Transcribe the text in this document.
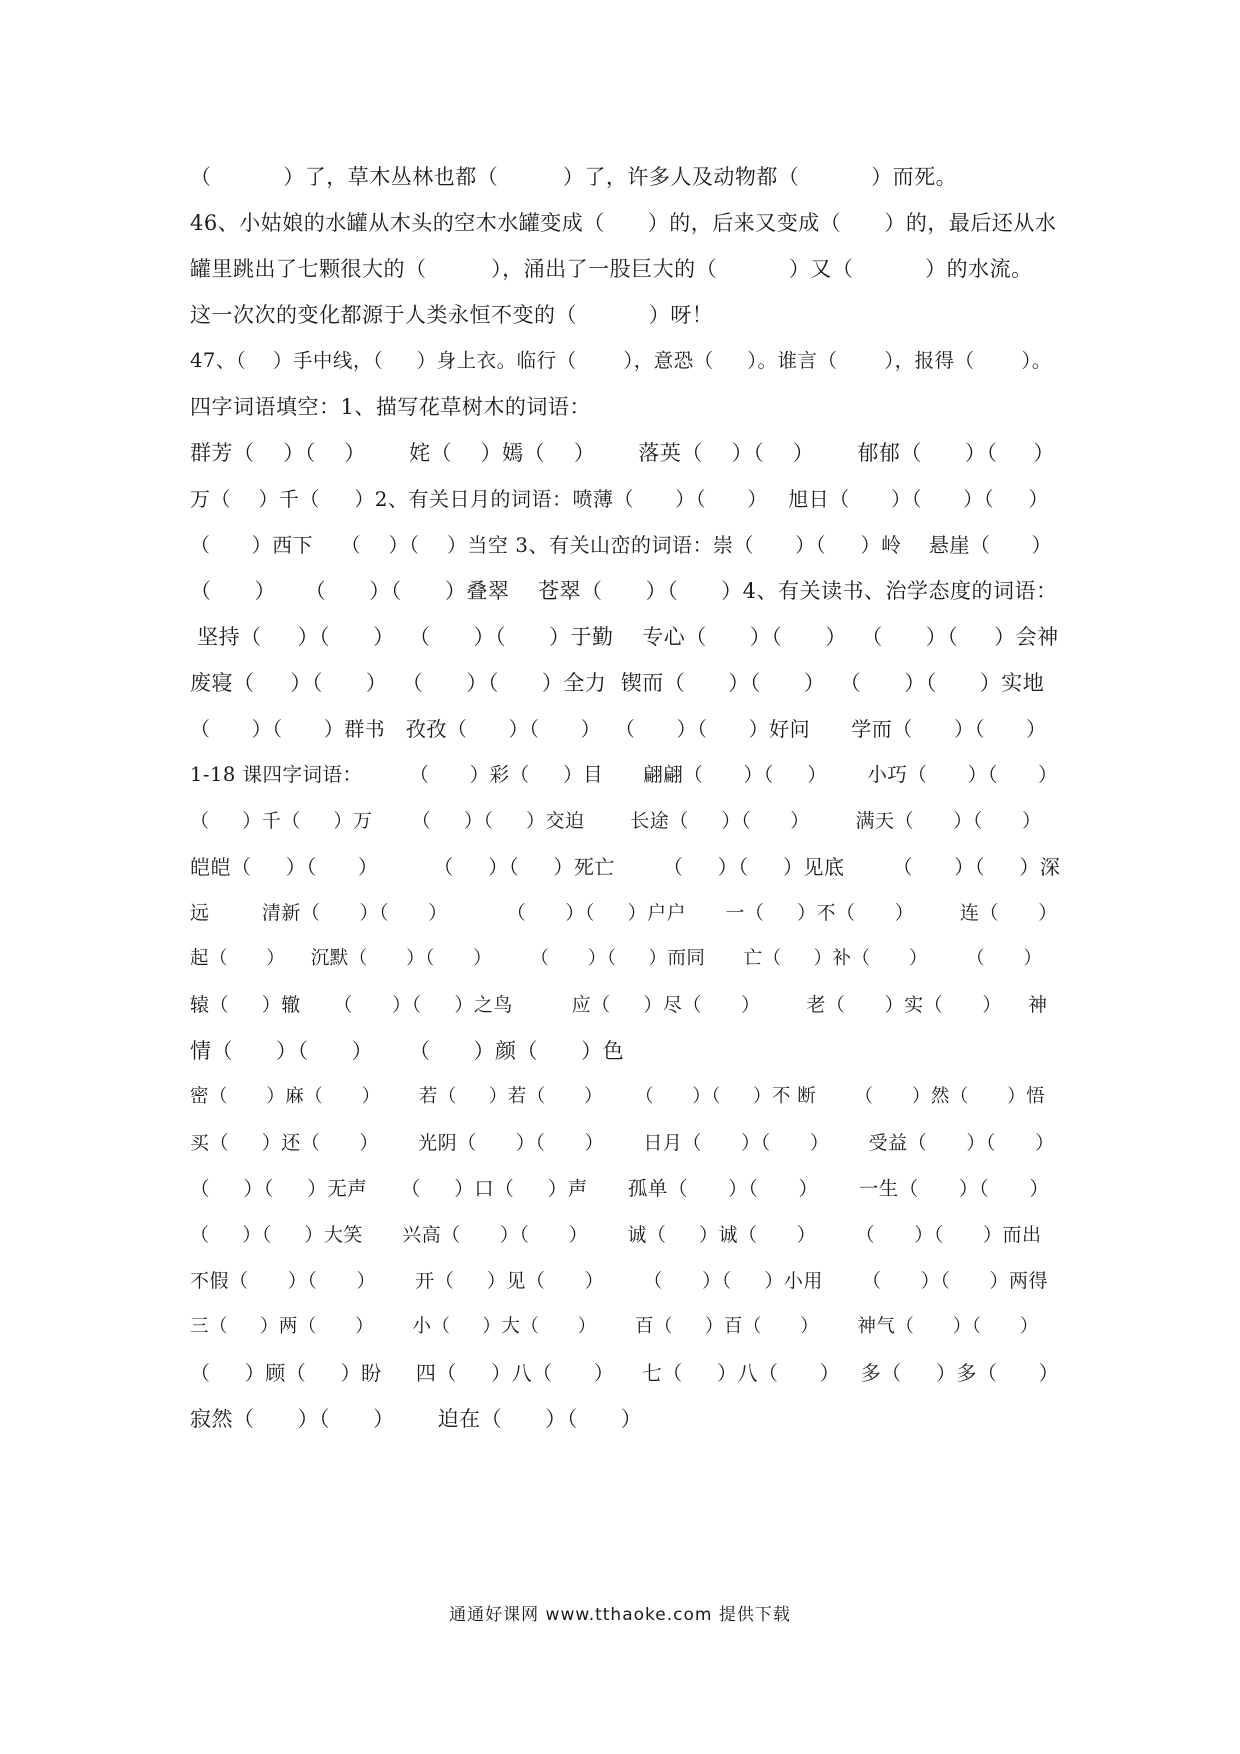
（          ）了，草木丛林也都（         ）了，许多人及动物都（          ）而死。
46、小姑娘的水罐从木头的空木水罐变成（      ）的，后来又变成（      ）的，最后还从水
罐里跳出了七颗很大的（         ），涌出了一股巨大的（          ）又（          ）的水流。
这一次次的变化都源于人类永恒不变的（          ）呀！
47、（    ）手中线，（     ）身上衣。临行（       ），意恐（     ）。谁言（       ），报得（       ）。
四字词语填空：1、描写花草树木的词语：
群芳（    ）（    ）      姹（    ）嫣（    ）      落英（    ）（    ）      郁郁（      ）（     ）
万（    ）千（     ）2、有关日月的词语：喷薄（      ）（      ）   旭日（      ）（      ）（     ）
（      ）西下    （    ）（    ）当空 3、有关山峦的词语：崇（      ）（     ）岭    悬崖（      ）
（      ）    （      ）（      ）叠翠    苍翠（      ）（      ）4、有关读书、治学态度的词语：
坚持（     ）（      ）  （      ）（      ）于勤    专心（      ）（      ）  （      ）（     ）会神
废寝（     ）（      ）  （      ）（      ）全力  锲而（      ）（      ）  （      ）（      ）实地
（      ）（      ）群书   孜孜（      ）（      ）  （      ）（      ）好问      学而（      ）（      ）
1-18 课四字词语：       （      ）彩（     ）目      翩翩（      ）（     ）      小巧（      ）（      ）
（     ）千（     ）万      （     ）（     ）交迫       长途（     ）（      ）       满天（      ）（      ）
皑皑（     ）（      ）        （     ）（     ）死亡       （     ）（     ）见底       （      ）（     ）深
远        清新（      ）（      ）         （      ）（     ）户户      一（     ）不（      ）       连（      ）
起（      ）    沉默（      ）（      ）      （      ）（     ）而同      亡（     ）补（      ）      （      ）
辕（     ）辙     （      ）（     ）之鸟         应（     ）尽（      ）       老（      ）实（      ）    神
情（      ）（      ）     （      ）颜（      ）色
密（      ）麻（      ）      若（     ）若（      ）     （      ）（     ）不 断      （      ）然（      ）悟
买（     ）还（      ）      光阴（      ）（      ）      日月（      ）（      ）      受益（      ）（      ）
（     ）（     ）无声     （     ）口（     ）声      孤单（      ）（      ）      一生（      ）（      ）
（     ）（     ）大笑      兴高（      ）（      ）      诚（     ）诚（      ）      （      ）（      ）而出
不假（      ）（      ）      开（     ）见（      ）      （      ）（     ）小用      （      ）（      ）两得
三（     ）两（      ）      小（     ）大（      ）      百（     ）百（      ）      神气（      ）（      ）
（     ）顾（     ）盼     四（     ）八（      ）    七（     ）八（      ）   多（     ）多（      ）
寂然（      ）（      ）      迫在（      ）（      ）
通通好课网 www.tthaoke.com 提供下载
